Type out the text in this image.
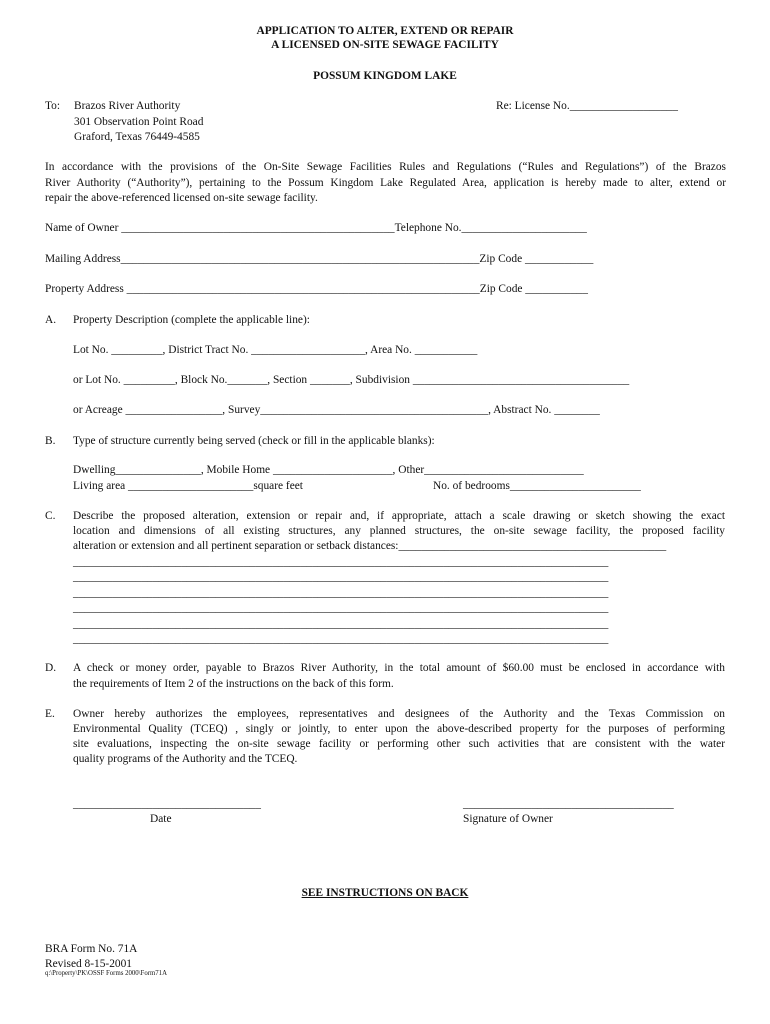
APPLICATION TO ALTER, EXTEND OR REPAIR
A LICENSED ON-SITE SEWAGE FACILITY
POSSUM KINGDOM LAKE
To: Brazos River Authority
301 Observation Point Road
Graford, Texas 76449-4585
Re: License No.___________________
In accordance with the provisions of the On-Site Sewage Facilities Rules and Regulations (“Rules and Regulations”) of the Brazos
River Authority (“Authority”), pertaining to the Possum Kingdom Lake Regulated Area, application is hereby made to alter, extend or
repair the above-referenced licensed on-site sewage facility.
Name of Owner ________________________________________________Telephone No.______________________
Mailing Address_______________________________________________________________Zip Code ____________
Property Address ______________________________________________________________Zip Code ___________
A. Property Description (complete the applicable line):
Lot No. _________, District Tract No. ____________________, Area No. ___________
or Lot No. _________, Block No._______, Section _______, Subdivision ______________________________________
or Acreage _________________, Survey________________________________________, Abstract No. ________
B. Type of structure currently being served (check or fill in the applicable blanks):
Dwelling_______________, Mobile Home _____________________, Other____________________________
Living area ______________________square feet	No. of bedrooms_______________________
C. Describe the proposed alteration, extension or repair and, if appropriate, attach a scale drawing or sketch showing the exact
location and dimensions of all existing structures, any planned structures, the on-site sewage facility, the proposed facility
alteration or extension and all pertinent separation or setback distances:_______________________________________________
______________________________________________________________________________________________
______________________________________________________________________________________________
______________________________________________________________________________________________
______________________________________________________________________________________________
______________________________________________________________________________________________
______________________________________________________________________________________________
D. A check or money order, payable to Brazos River Authority, in the total amount of $60.00 must be enclosed in accordance with
the requirements of Item 2 of the instructions on the back of this form.
E. Owner hereby authorizes the employees, representatives and designees of the Authority and the Texas Commission on
Environmental Quality (TCEQ) , singly or jointly, to enter upon the above-described property for the purposes of performing
site evaluations, inspecting the on-site sewage facility or performing other such activities that are consistent with the water
quality programs of the Authority and the TCEQ.
_________________________________
Date
_____________________________________
Signature of Owner
SEE INSTRUCTIONS ON BACK
BRA Form No. 71A
Revised 8-15-2001
q:\Property\PK\OSSF Forms 2000\Form71A
